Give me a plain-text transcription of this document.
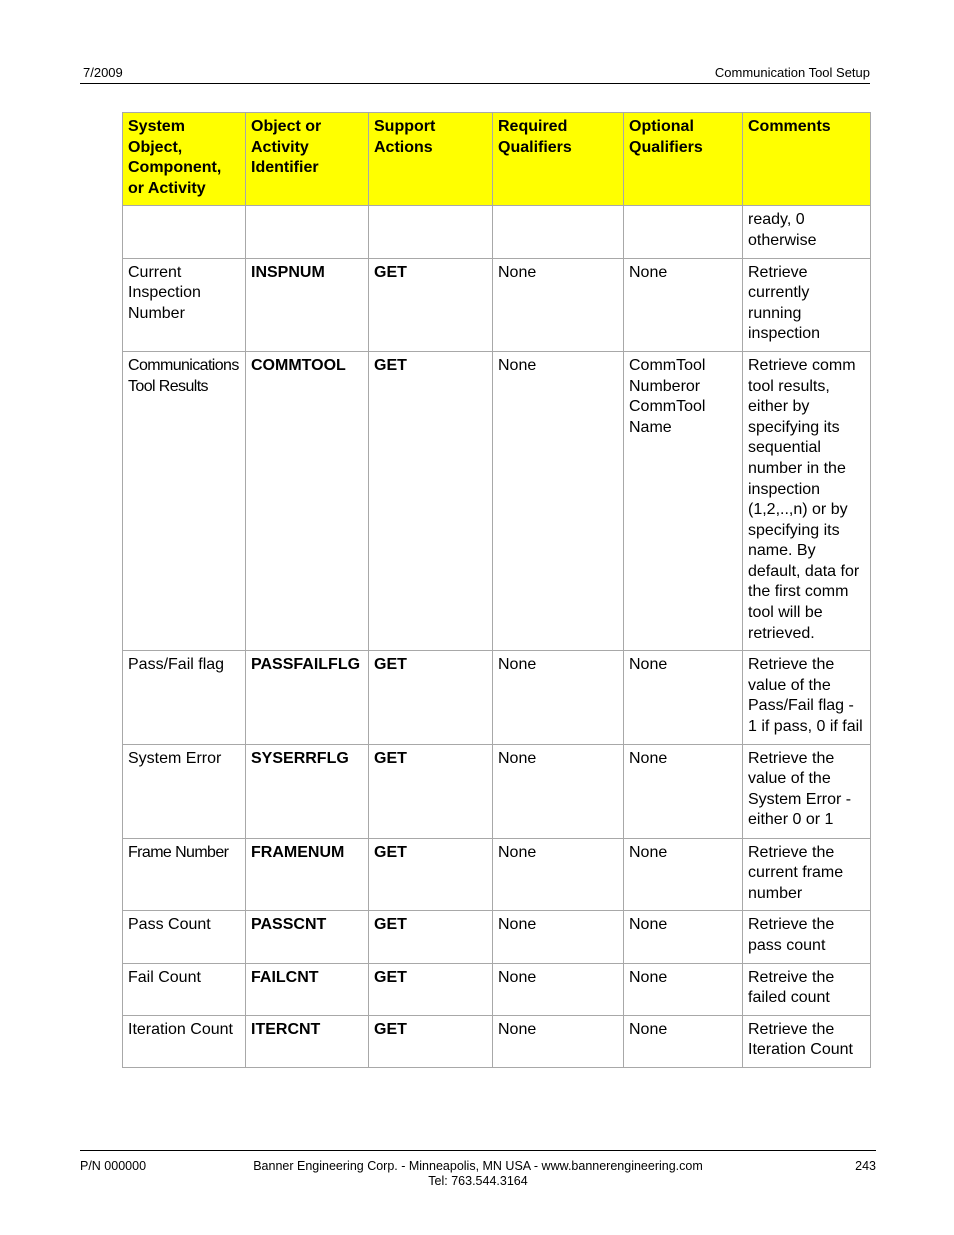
7/2009	Communication Tool Setup
System Object, Component, or Activity	Object or Activity Identifier	Support Actions	Required Qualifiers	Optional Qualifiers	Comments
					ready, 0 otherwise
Current Inspection Number	INSPNUM	GET	None	None	Retrieve currently running inspection
Communications Tool Results	COMMTOOL	GET	None	CommTool Numberor CommTool Name	Retrieve comm tool results, either by specifying its sequential number in the inspection (1,2,..,n) or by specifying its name. By default, data for the first comm tool will be retrieved.
Pass/Fail flag	PASSFAILFLG	GET	None	None	Retrieve the value of the Pass/Fail flag - 1 if pass, 0 if fail
System Error	SYSERRFLG	GET	None	None	Retrieve the value of the System Error - either 0 or 1
Frame Number	FRAMENUM	GET	None	None	Retrieve the current frame number
Pass Count	PASSCNT	GET	None	None	Retrieve the pass count
Fail Count	FAILCNT	GET	None	None	Retreive the failed count
Iteration Count	ITERCNT	GET	None	None	Retrieve the Iteration Count
P/N 000000	Banner Engineering Corp. - Minneapolis, MN USA - www.bannerengineering.com
Tel: 763.544.3164
243
